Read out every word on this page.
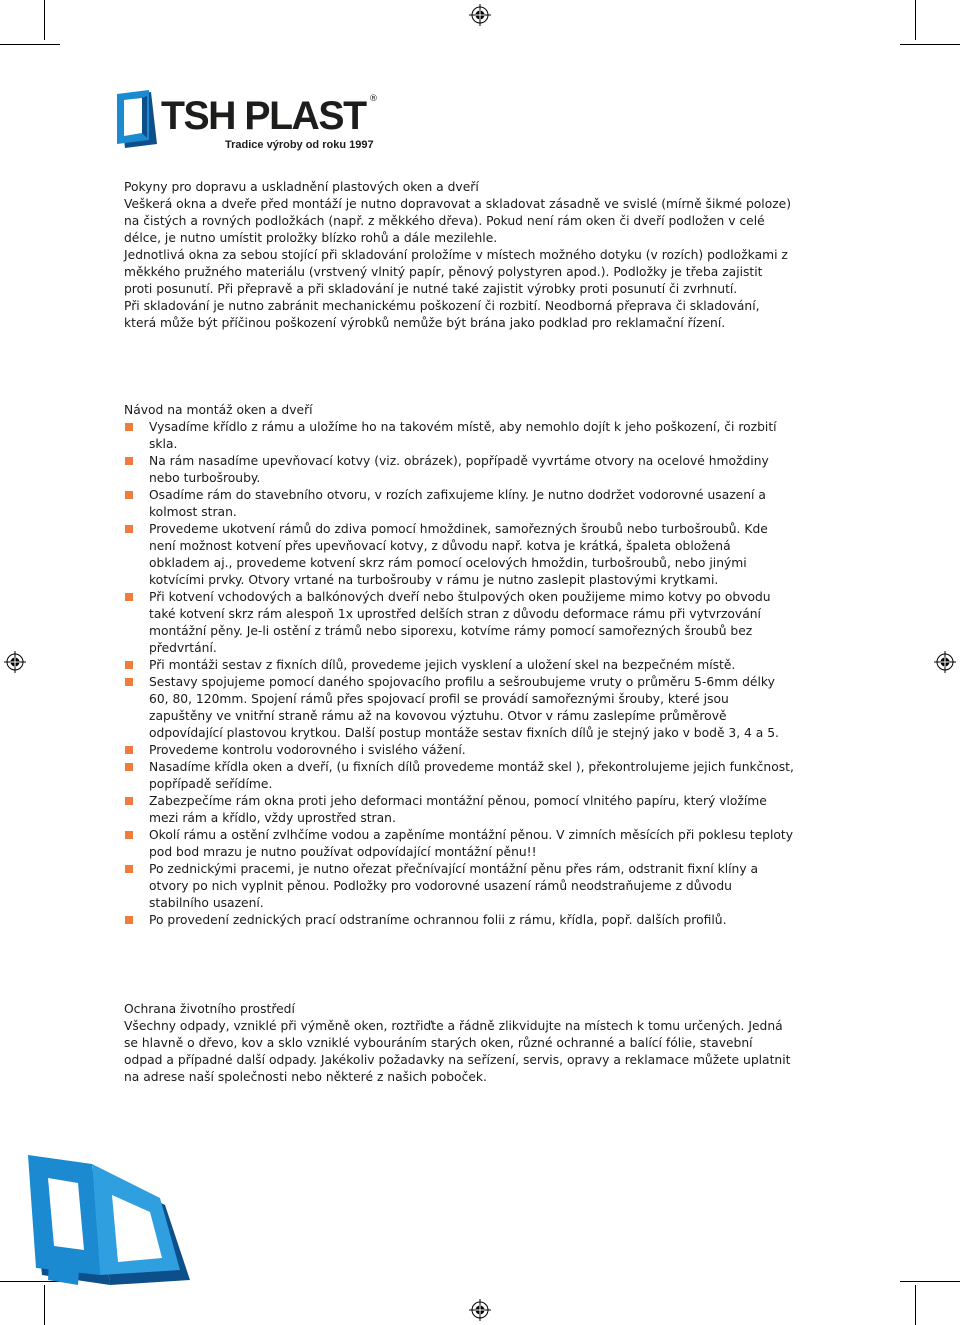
TSH PLAST ®
Tradice výroby od roku 1997
Pokyny pro dopravu a uskladnění plastových oken a dveří

Veškerá okna a dveře před montáží je nutno dopravovat a skladovat zásadně ve svislé (mírně šikmé poloze) na čistých a rovných podložkách (např. z měkkého dřeva). Pokud není rám oken či dveří podložen v celé délce, je nutno umístit proložky blízko rohů a dále mezilehle.

Jednotlivá okna za sebou stojící při skladování proložíme v místech možného dotyku (v rozích) podložkami z měkkého pružného materiálu (vrstvený vlnitý papír, pěnový polystyren apod.). Podložky je třeba zajistit proti posunutí. Při přepravě a při skladování je nutné také zajistit výrobky proti posunutí či zvrhnutí.

Při skladování je nutno zabránit mechanickému poškození či rozbití. Neodborná přeprava či skladování, která může být příčinou poškození výrobků nemůže být brána jako podklad pro reklamační řízení.

Návod na montáž oken a dveří
Vysadíme křídlo z rámu a uložíme ho na takovém místě, aby nemohlo dojít k jeho poškození, či rozbití skla.
Na rám nasadíme upevňovací kotvy (viz. obrázek), popřípadě vyvrtáme otvory na ocelové hmoždiny nebo turbošrouby.
Osadíme rám do stavebního otvoru, v rozích zafixujeme klíny. Je nutno dodržet vodorovné usazení a kolmost stran.
Provedeme ukotvení rámů do zdiva pomocí hmoždinek, samořezných šroubů nebo turbošroubů. Kde není možnost kotvení přes upevňovací kotvy, z důvodu např. kotva je krátká, špaleta obložená obkladem aj., provedeme kotvení skrz rám pomocí ocelových hmoždin, turbošroubů, nebo jinými kotvícími prvky. Otvory vrtané na turbošrouby v rámu je nutno zaslepit plastovými krytkami.
Při kotvení vchodových a balkónových dveří nebo štulpových oken použijeme mimo kotvy po obvodu také kotvení skrz rám alespoň 1x uprostřed delších stran z důvodu deformace rámu při vytvrzování montážní pěny. Je-li ostění z trámů nebo siporexu, kotvíme rámy pomocí samořezných šroubů bez předvrtání.
Při montáži sestav z fixních dílů, provedeme jejich vysklení a uložení skel na bezpečném místě.
Sestavy spojujeme pomocí daného spojovacího profilu a sešroubujeme vruty o průměru 5-6mm délky 60, 80, 120mm. Spojení rámů přes spojovací profil se provádí samořeznými šrouby, které jsou zapuštěny ve vnitřní straně rámu až na kovovou výztuhu. Otvor v rámu zaslepíme průměrově odpovídající plastovou krytkou. Další postup montáže sestav fixních dílů je stejný jako v bodě 3, 4 a 5.
Provedeme kontrolu vodorovného i svislého vážení.
Nasadíme křídla oken a dveří, (u fixních dílů provedeme montáž skel ), překontrolujeme jejich funkčnost, popřípadě seřídíme.
Zabezpečíme rám okna proti jeho deformaci montážní pěnou, pomocí vlnitého papíru, který vložíme mezi rám a křídlo, vždy uprostřed stran.
Okolí rámu a ostění zvlhčíme vodou a zapěníme montážní pěnou. V zimních měsících při poklesu teploty pod bod mrazu je nutno používat odpovídající montážní pěnu!!
Po zednickými pracemi, je nutno ořezat přečnívající montážní pěnu přes rám, odstranit fixní klíny a otvory po nich vyplnit pěnou. Podložky pro vodorovné usazení rámů neodstraňujeme z důvodu stabilního usazení.
Po provedení zednických prací odstraníme ochrannou folii z rámu, křídla, popř. dalších profilů.
Ochrana životního prostředí

Všechny odpady, vzniklé při výměně oken, roztřiďte a řádně zlikvidujte na místech k tomu určených. Jedná se hlavně o dřevo, kov a sklo vzniklé vybouráním starých oken, různé ochranné a balící fólie, stavební odpad a případné další odpady. Jakékoliv požadavky na seřízení, servis, opravy a reklamace můžete uplatnit na adrese naší společnosti nebo některé z našich poboček.
